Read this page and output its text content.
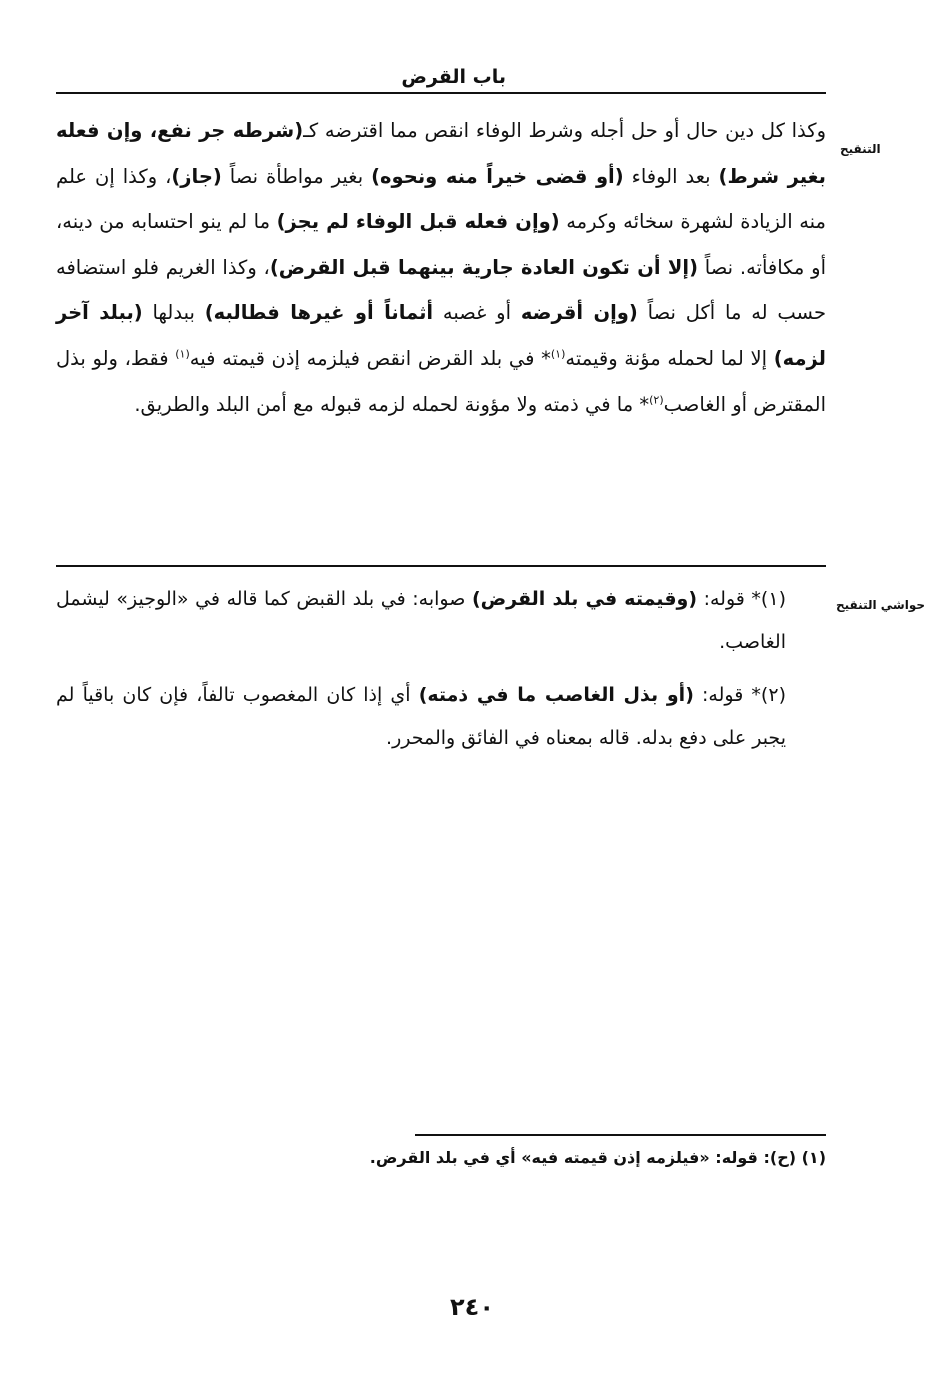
باب القرض
التنقيح

وكذا كل دين حال أو حل أجله وشرط الوفاء انقص مما اقترضه كـ(شرطه جر نفع، وإن فعله بغير شرط) بعد الوفاء (أو قضى خيراً منه ونحوه) بغير مواطأة نصاً (جاز)، وكذا إن علم منه الزيادة لشهرة سخائه وكرمه (وإن فعله قبل الوفاء لم يجز) ما لم ينو احتسابه من دينه، أو مكافأته. نصاً (إلا أن تكون العادة جارية بينهما قبل القرض)، وكذا الغريم فلو استضافه حسب له ما أكل نصاً (وإن أقرضه أو غصبه أثماناً أو غيرها فطالبه) ببدلها (ببلد آخر لزمه) إلا لما لحمله مؤنة وقيمته$^{(١)}$* في بلد القرض انقص فيلزمه إذن قيمته فيه$^{(١)}$ فقط، ولو بذل المقترض أو الغاصب$^{(٢)}$* ما في ذمته ولا مؤونة لحمله لزمه قبوله مع أمن البلد والطريق.

حواشي التنقيح

(١)* قوله: (وقيمته في بلد القرض) صوابه: في بلد القبض كما قاله في «الوجيز» ليشمل الغاصب.

(٢)* قوله: (أو بذل الغاصب ما في ذمته) أي إذا كان المغصوب تالفاً، فإن كان باقياً لم يجبر على دفع بدله. قاله بمعناه في الفائق والمحرر.

(١) (ح): قوله: «فيلزمه إذن قيمته فيه» أي في بلد القرض.

٢٤٠
